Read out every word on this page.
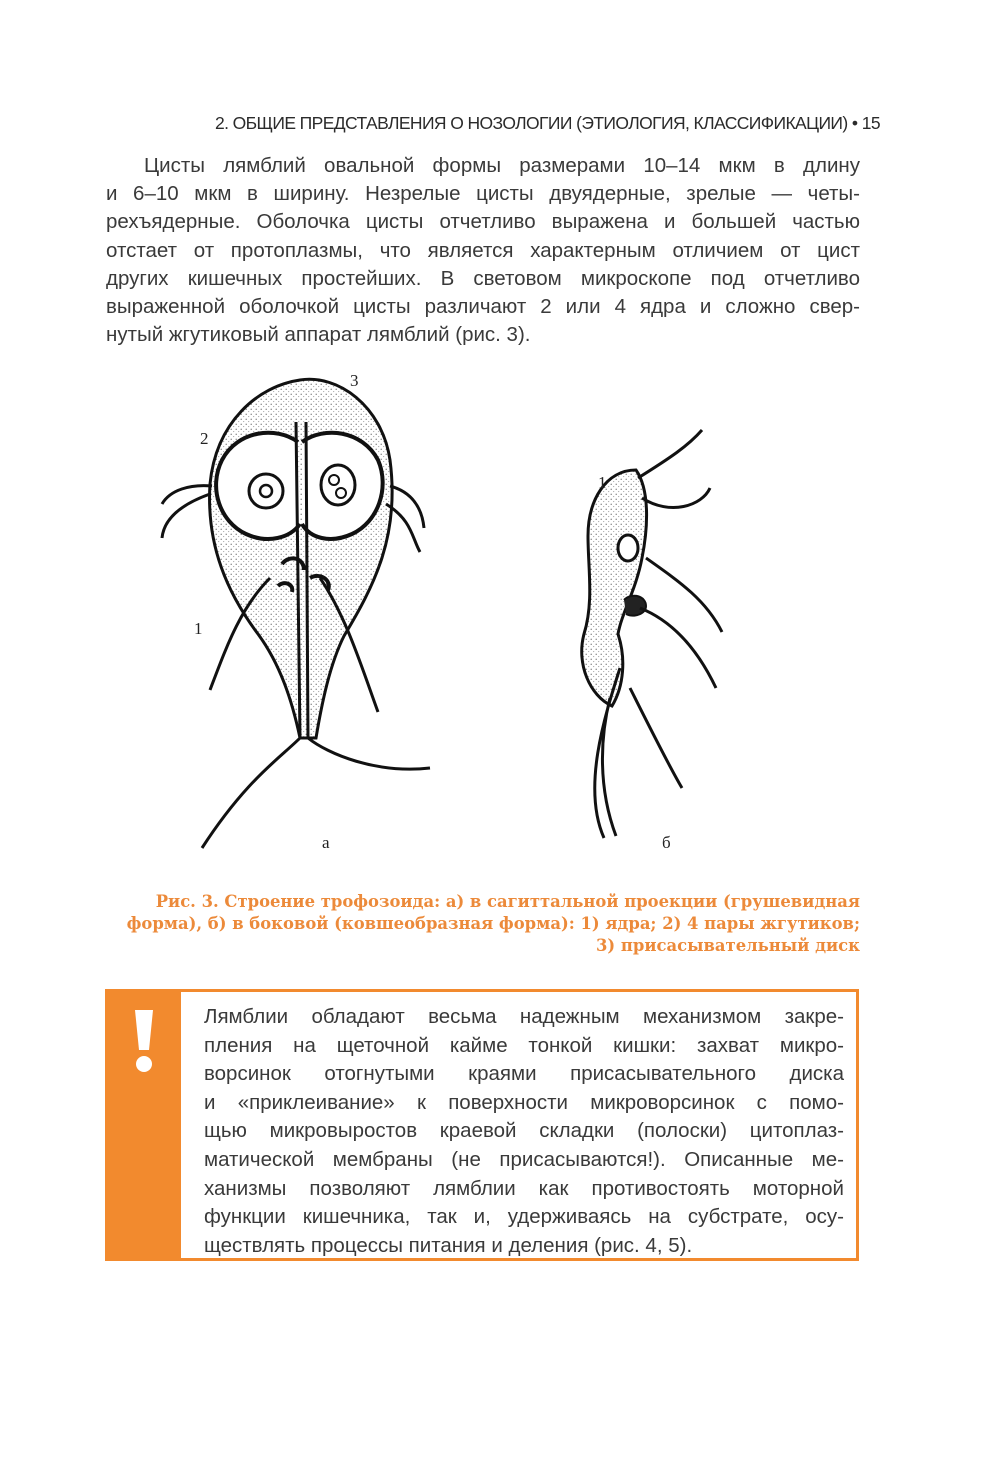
2. ОБЩИЕ ПРЕДСТАВЛЕНИЯ О НОЗОЛОГИИ (ЭТИОЛОГИЯ, КЛАССИФИКАЦИИ) • 15
Цисты лямблий овальной формы размерами 10–14 мкм в длину
и 6–10 мкм в ширину. Незрелые цисты двуядерные, зрелые — четы-
рехъядерные. Оболочка цисты отчетливо выражена и большей частью
отстает от протоплазмы, что является характерным отличием от цист
других кишечных простейших. В световом микроскопе под отчетливо
выраженной оболочкой цисты различают 2 или 4 ядра и сложно свер-
нутый жгутиковый аппарат лямблий (рис. 3).
3
2
1
а
1
б
Рис. 3. Строение трофозоида: а) в сагиттальной проекции (грушевидная
форма), б) в боковой (ковшеобразная форма): 1) ядра; 2) 4 пары жгутиков;
3) присасывательный диск
Лямблии обладают весьма надежным механизмом закре-
пления на щеточной кайме тонкой кишки: захват микро-
ворсинок отогнутыми краями присасывательного диска
и «приклеивание» к поверхности микроворсинок с помо-
щью микровыростов краевой складки (полоски) цитоплаз-
матической мембраны (не присасываются!). Описанные ме-
ханизмы позволяют лямблии как противостоять моторной
функции кишечника, так и, удерживаясь на субстрате, осу-
ществлять процессы питания и деления (рис. 4, 5).
